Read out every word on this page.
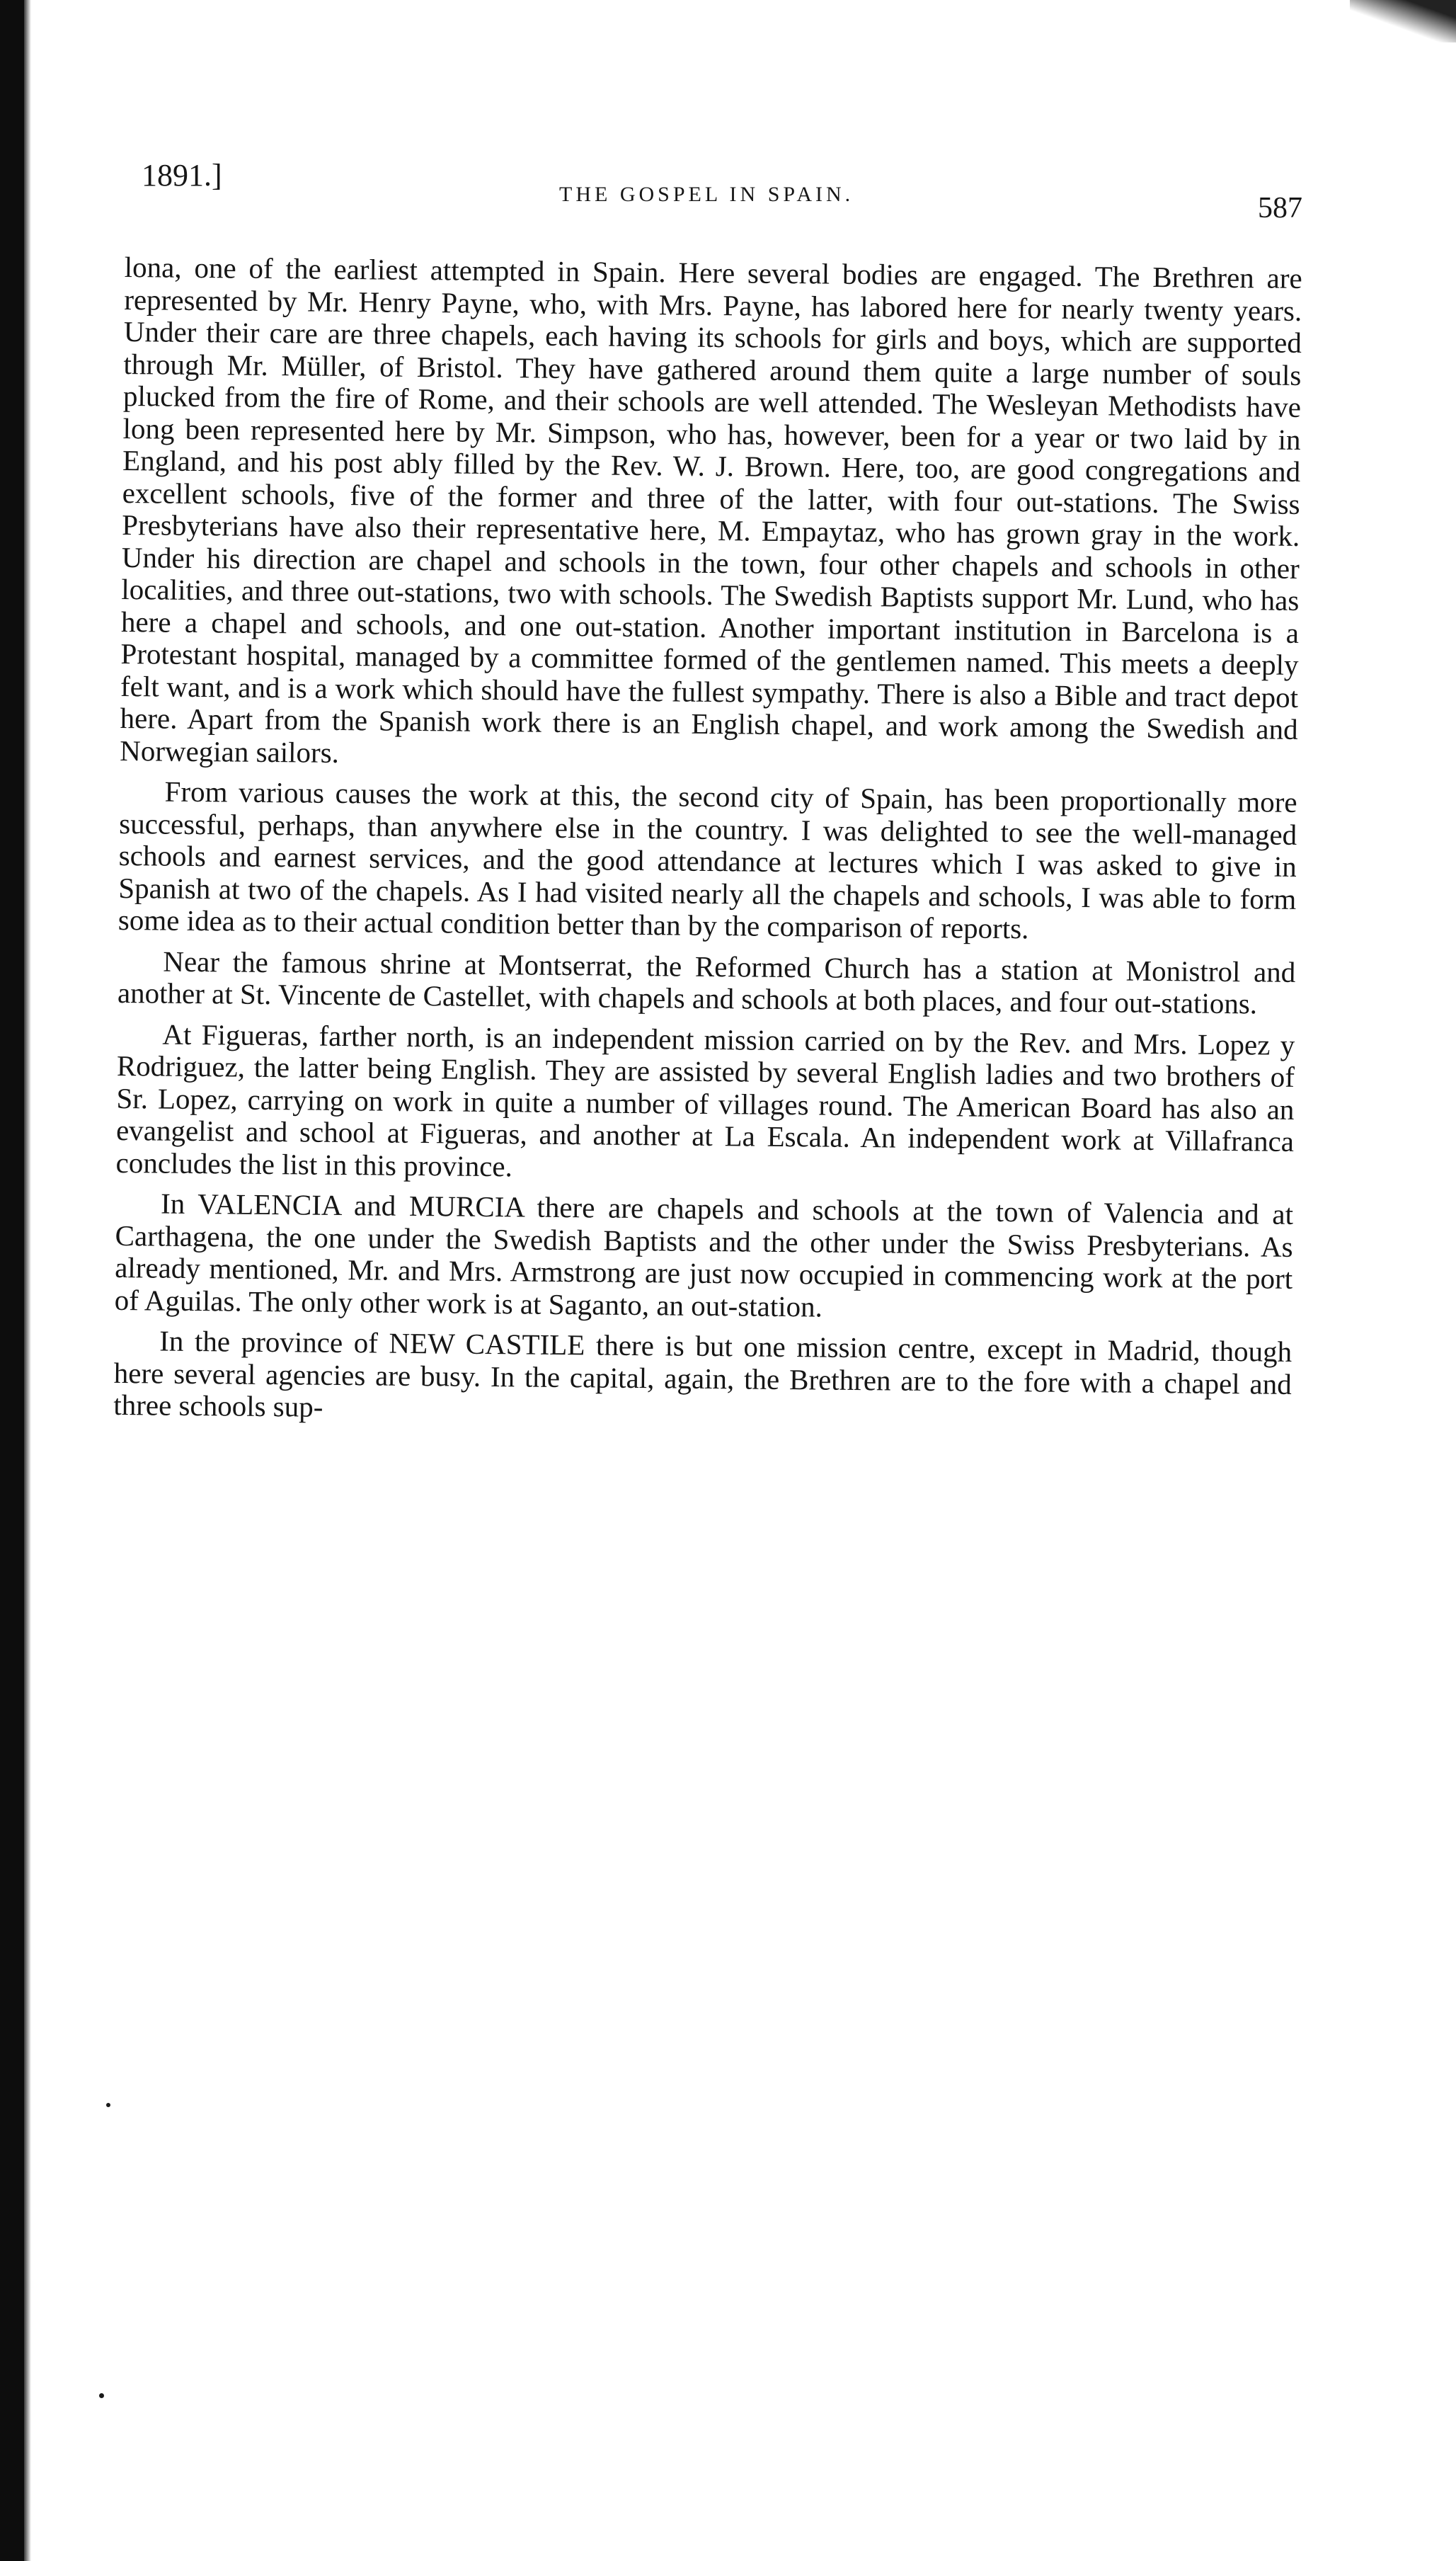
1891.]
THE GOSPEL IN SPAIN.	587

lona, one of the earliest attempted in Spain. Here several bodies are engaged. The Brethren are represented by Mr. Henry Payne, who, with Mrs. Payne, has labored here for nearly twenty years. Under their care are three chapels, each having its schools for girls and boys, which are supported through Mr. Müller, of Bristol. They have gathered around them quite a large number of souls plucked from the fire of Rome, and their schools are well attended. The Wesleyan Methodists have long been represented here by Mr. Simpson, who has, however, been for a year or two laid by in England, and his post ably filled by the Rev. W. J. Brown. Here, too, are good congregations and excellent schools, five of the former and three of the latter, with four out-stations. The Swiss Presbyterians have also their representative here, M. Empaytaz, who has grown gray in the work. Under his direction are chapel and schools in the town, four other chapels and schools in other localities, and three out-stations, two with schools. The Swedish Baptists support Mr. Lund, who has here a chapel and schools, and one out-station. Another important institution in Barcelona is a Protestant hospital, managed by a committee formed of the gentlemen named. This meets a deeply felt want, and is a work which should have the fullest sympathy. There is also a Bible and tract depot here. Apart from the Spanish work there is an English chapel, and work among the Swedish and Norwegian sailors.

From various causes the work at this, the second city of Spain, has been proportionally more successful, perhaps, than anywhere else in the country. I was delighted to see the well-managed schools and earnest services, and the good attendance at lectures which I was asked to give in Spanish at two of the chapels. As I had visited nearly all the chapels and schools, I was able to form some idea as to their actual condition better than by the comparison of reports.

Near the famous shrine at Montserrat, the Reformed Church has a station at Monistrol and another at St. Vincente de Castellet, with chapels and schools at both places, and four out-stations.

At Figueras, farther north, is an independent mission carried on by the Rev. and Mrs. Lopez y Rodriguez, the latter being English. They are assisted by several English ladies and two brothers of Sr. Lopez, carrying on work in quite a number of villages round. The American Board has also an evangelist and school at Figueras, and another at La Escala. An independent work at Villafranca concludes the list in this province.

In VALENCIA and MURCIA there are chapels and schools at the town of Valencia and at Carthagena, the one under the Swedish Baptists and the other under the Swiss Presbyterians. As already mentioned, Mr. and Mrs. Armstrong are just now occupied in commencing work at the port of Aguilas. The only other work is at Saganto, an out-station.

In the province of NEW CASTILE there is but one mission centre, except in Madrid, though here several agencies are busy. In the capital, again, the Brethren are to the fore with a chapel and three schools sup-
